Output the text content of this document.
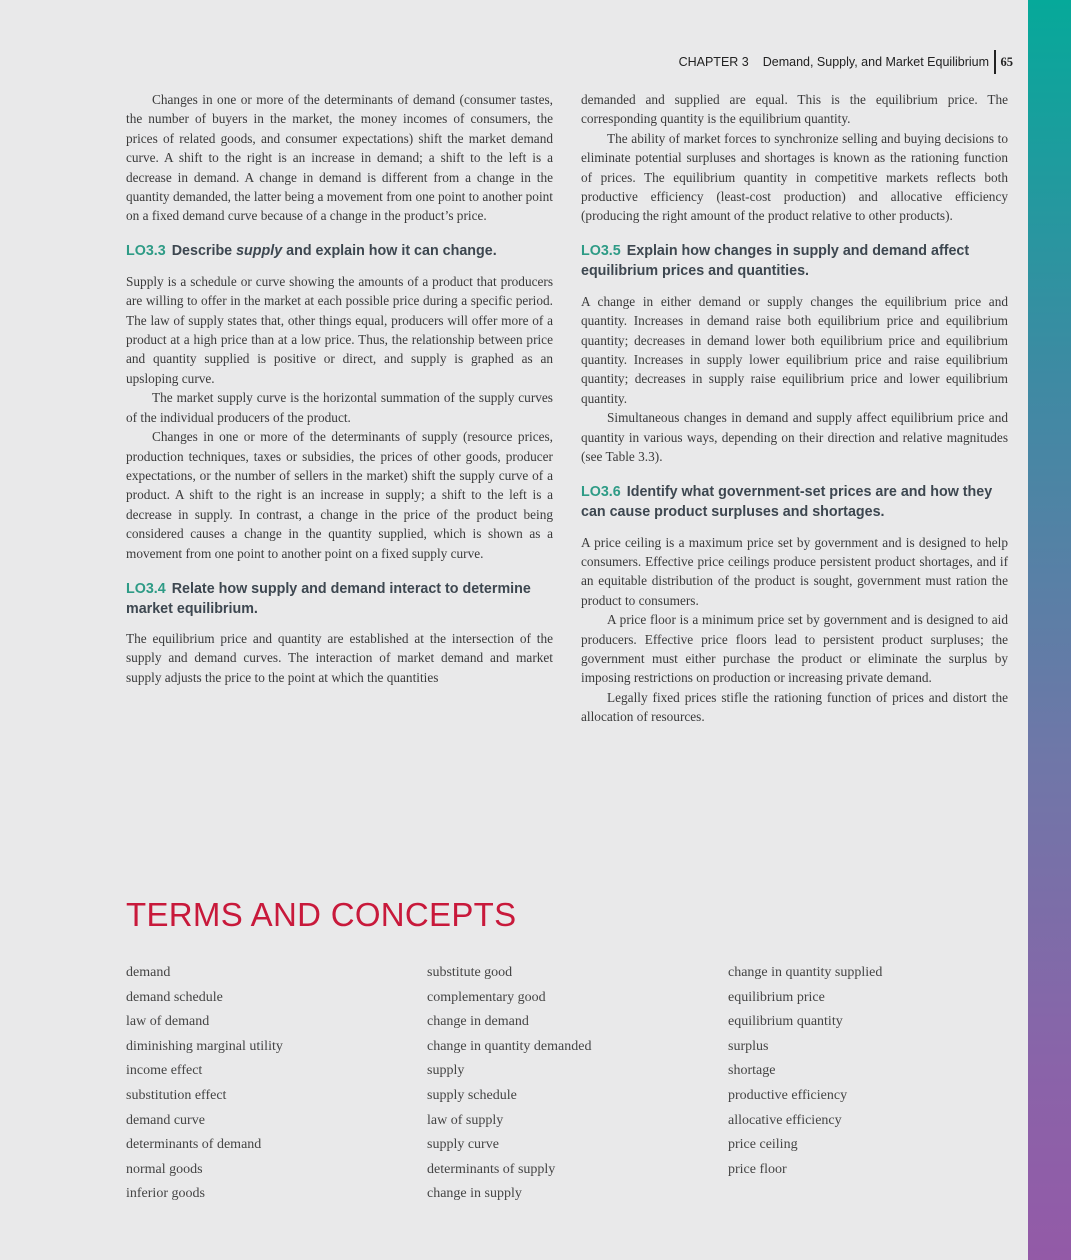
CHAPTER 3 Demand, Supply, and Market Equilibrium 65

Changes in one or more of the determinants of demand (consumer tastes, the number of buyers in the market, the money incomes of consumers, the prices of related goods, and consumer expectations) shift the market demand curve. A shift to the right is an increase in demand; a shift to the left is a decrease in demand. A change in demand is different from a change in the quantity demanded, the latter being a movement from one point to another point on a fixed demand curve because of a change in the product’s price.

LO3.3 Describe supply and explain how it can change.

Supply is a schedule or curve showing the amounts of a product that producers are willing to offer in the market at each possible price during a specific period. The law of supply states that, other things equal, producers will offer more of a product at a high price than at a low price. Thus, the relationship between price and quantity supplied is positive or direct, and supply is graphed as an upsloping curve.

The market supply curve is the horizontal summation of the supply curves of the individual producers of the product.

Changes in one or more of the determinants of supply (resource prices, production techniques, taxes or subsidies, the prices of other goods, producer expectations, or the number of sellers in the market) shift the supply curve of a product. A shift to the right is an increase in supply; a shift to the left is a decrease in supply. In contrast, a change in the price of the product being considered causes a change in the quantity supplied, which is shown as a movement from one point to another point on a fixed supply curve.

LO3.4 Relate how supply and demand interact to determine market equilibrium.

The equilibrium price and quantity are established at the intersection of the supply and demand curves. The interaction of market demand and market supply adjusts the price to the point at which the quantities

demanded and supplied are equal. This is the equilibrium price. The corresponding quantity is the equilibrium quantity.

The ability of market forces to synchronize selling and buying decisions to eliminate potential surpluses and shortages is known as the rationing function of prices. The equilibrium quantity in competitive markets reflects both productive efficiency (least-cost production) and allocative efficiency (producing the right amount of the product relative to other products).

LO3.5 Explain how changes in supply and demand affect equilibrium prices and quantities.

A change in either demand or supply changes the equilibrium price and quantity. Increases in demand raise both equilibrium price and equilibrium quantity; decreases in demand lower both equilibrium price and equilibrium quantity. Increases in supply lower equilibrium price and raise equilibrium quantity; decreases in supply raise equilibrium price and lower equilibrium quantity.

Simultaneous changes in demand and supply affect equilibrium price and quantity in various ways, depending on their direction and relative magnitudes (see Table 3.3).

LO3.6 Identify what government-set prices are and how they can cause product surpluses and shortages.

A price ceiling is a maximum price set by government and is designed to help consumers. Effective price ceilings produce persistent product shortages, and if an equitable distribution of the product is sought, government must ration the product to consumers.

A price floor is a minimum price set by government and is designed to aid producers. Effective price floors lead to persistent product surpluses; the government must either purchase the product or eliminate the surplus by imposing restrictions on production or increasing private demand.

Legally fixed prices stifle the rationing function of prices and distort the allocation of resources.

TERMS AND CONCEPTS
demand
demand schedule
law of demand
diminishing marginal utility
income effect
substitution effect
demand curve
determinants of demand
normal goods
inferior goods
substitute good
complementary good
change in demand
change in quantity demanded
supply
supply schedule
law of supply
supply curve
determinants of supply
change in supply
change in quantity supplied
equilibrium price
equilibrium quantity
surplus
shortage
productive efficiency
allocative efficiency
price ceiling
price floor
